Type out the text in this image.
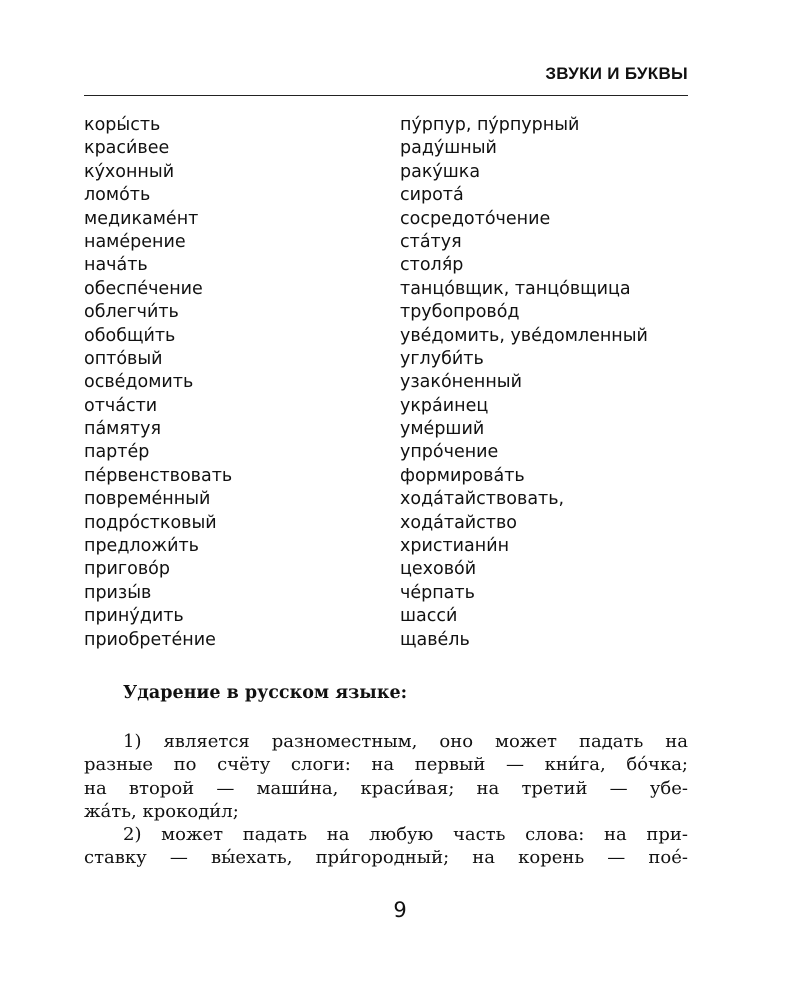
ЗВУКИ И БУКВЫ
коры́сть
краси́вее
ку́хонный
ломо́ть
медикаме́нт
наме́рение
нача́ть
обеспе́чение
облегчи́ть
обобщи́ть
опто́вый
осве́домить
отча́сти
па́мятуя
парте́р
пе́рвенствовать
повреме́нный
подро́стковый
предложи́ть
пригово́р
призы́в
прину́дить
приобрете́ние
пу́рпур, пу́рпурный
раду́шный
раку́шка
сирота́
сосредото́чение
ста́туя
столя́р
танцо́вщик, танцо́вщица
трубопрово́д
уве́домить, уве́домленный
углуби́ть
узако́ненный
укра́инец
уме́рший
упро́чение
формирова́ть
хода́тайствовать,
хода́тайство
христиани́н
цехово́й
че́рпать
шасси́
щаве́ль
Ударение в русском языке:
1) является разноместным, оно может падать на
разные по счёту слоги: на первый — кни́га, бо́чка;
на второй — маши́на, краси́вая; на третий — убе-
жа́ть, крокоди́л;
2) может падать на любую часть слова: на при-
ставку — вы́ехать, при́городный; на корень — пое́-
9
